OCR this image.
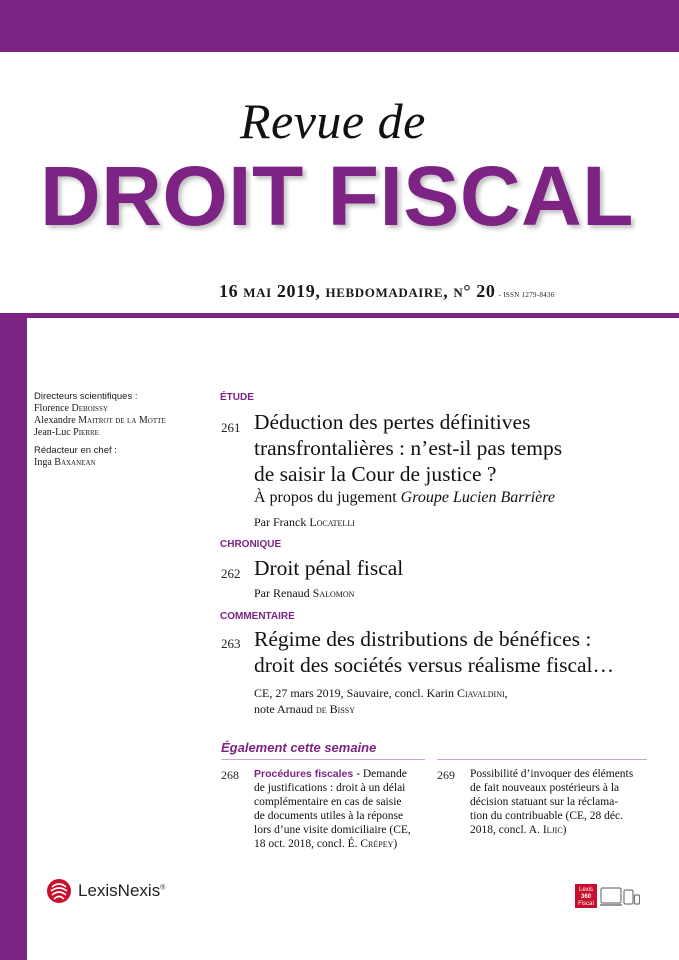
Revue de
DROIT FISCAL
16 mai 2019, hebdomadaire, n° 20 - ISSN 1279-8436
Directeurs scientifiques :
Florence Deboissy
Alexandre Maitrot de la Motte
Jean-Luc Pierre
Rédacteur en chef :
Inga Baxanean
ÉTUDE
261 Déduction des pertes définitives
transfrontalières : n’est-il pas temps
de saisir la Cour de justice ?
À propos du jugement Groupe Lucien Barrière
Par Franck Locatelli
CHRONIQUE
262 Droit pénal fiscal
Par Renaud Salomon
COMMENTAIRE
263 Régime des distributions de bénéfices :
droit des sociétés versus réalisme fiscal…
CE, 27 mars 2019, Sauvaire, concl. Karin Ciavaldini,
note Arnaud de Bissy
Également cette semaine
268 Procédures fiscales - Demande
de justifications : droit à un délai
complémentaire en cas de saisie
de documents utiles à la réponse
lors d’une visite domiciliaire (CE,
18 oct. 2018, concl. É. Crépey)
269 Possibilité d’invoquer des éléments
de fait nouveaux postérieurs à la
décision statuant sur la réclama-
tion du contribuable (CE, 28 déc.
2018, concl. A. Iljic)
LexisNexis®	Lexis
360
Fiscal
